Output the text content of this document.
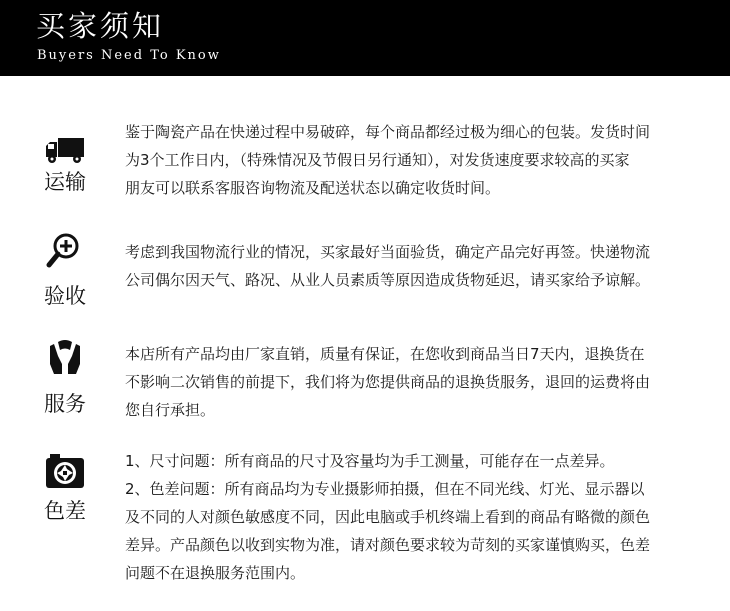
买家须知
Buyers Need To Know
运输

鉴于陶瓷产品在快递过程中易破碎，每个商品都经过极为细心的包装。发货时间

为3个工作日内，（特殊情况及节假日另行通知），对发货速度要求较高的买家

朋友可以联系客服咨询物流及配送状态以确定收货时间。

验收

考虑到我国物流行业的情况，买家最好当面验货，确定产品完好再签。快递物流

公司偶尔因天气、路况、从业人员素质等原因造成货物延迟，请买家给予谅解。

服务

本店所有产品均由厂家直销，质量有保证，在您收到商品当日7天内，退换货在

不影响二次销售的前提下，我们将为您提供商品的退换货服务，退回的运费将由

您自行承担。

色差

1、尺寸问题：所有商品的尺寸及容量均为手工测量，可能存在一点差异。

2、色差问题：所有商品均为专业摄影师拍摄，但在不同光线、灯光、显示器以

及不同的人对颜色敏感度不同，因此电脑或手机终端上看到的商品有略微的颜色

差异。产品颜色以收到实物为准，请对颜色要求较为苛刻的买家谨慎购买，色差

问题不在退换服务范围内。
